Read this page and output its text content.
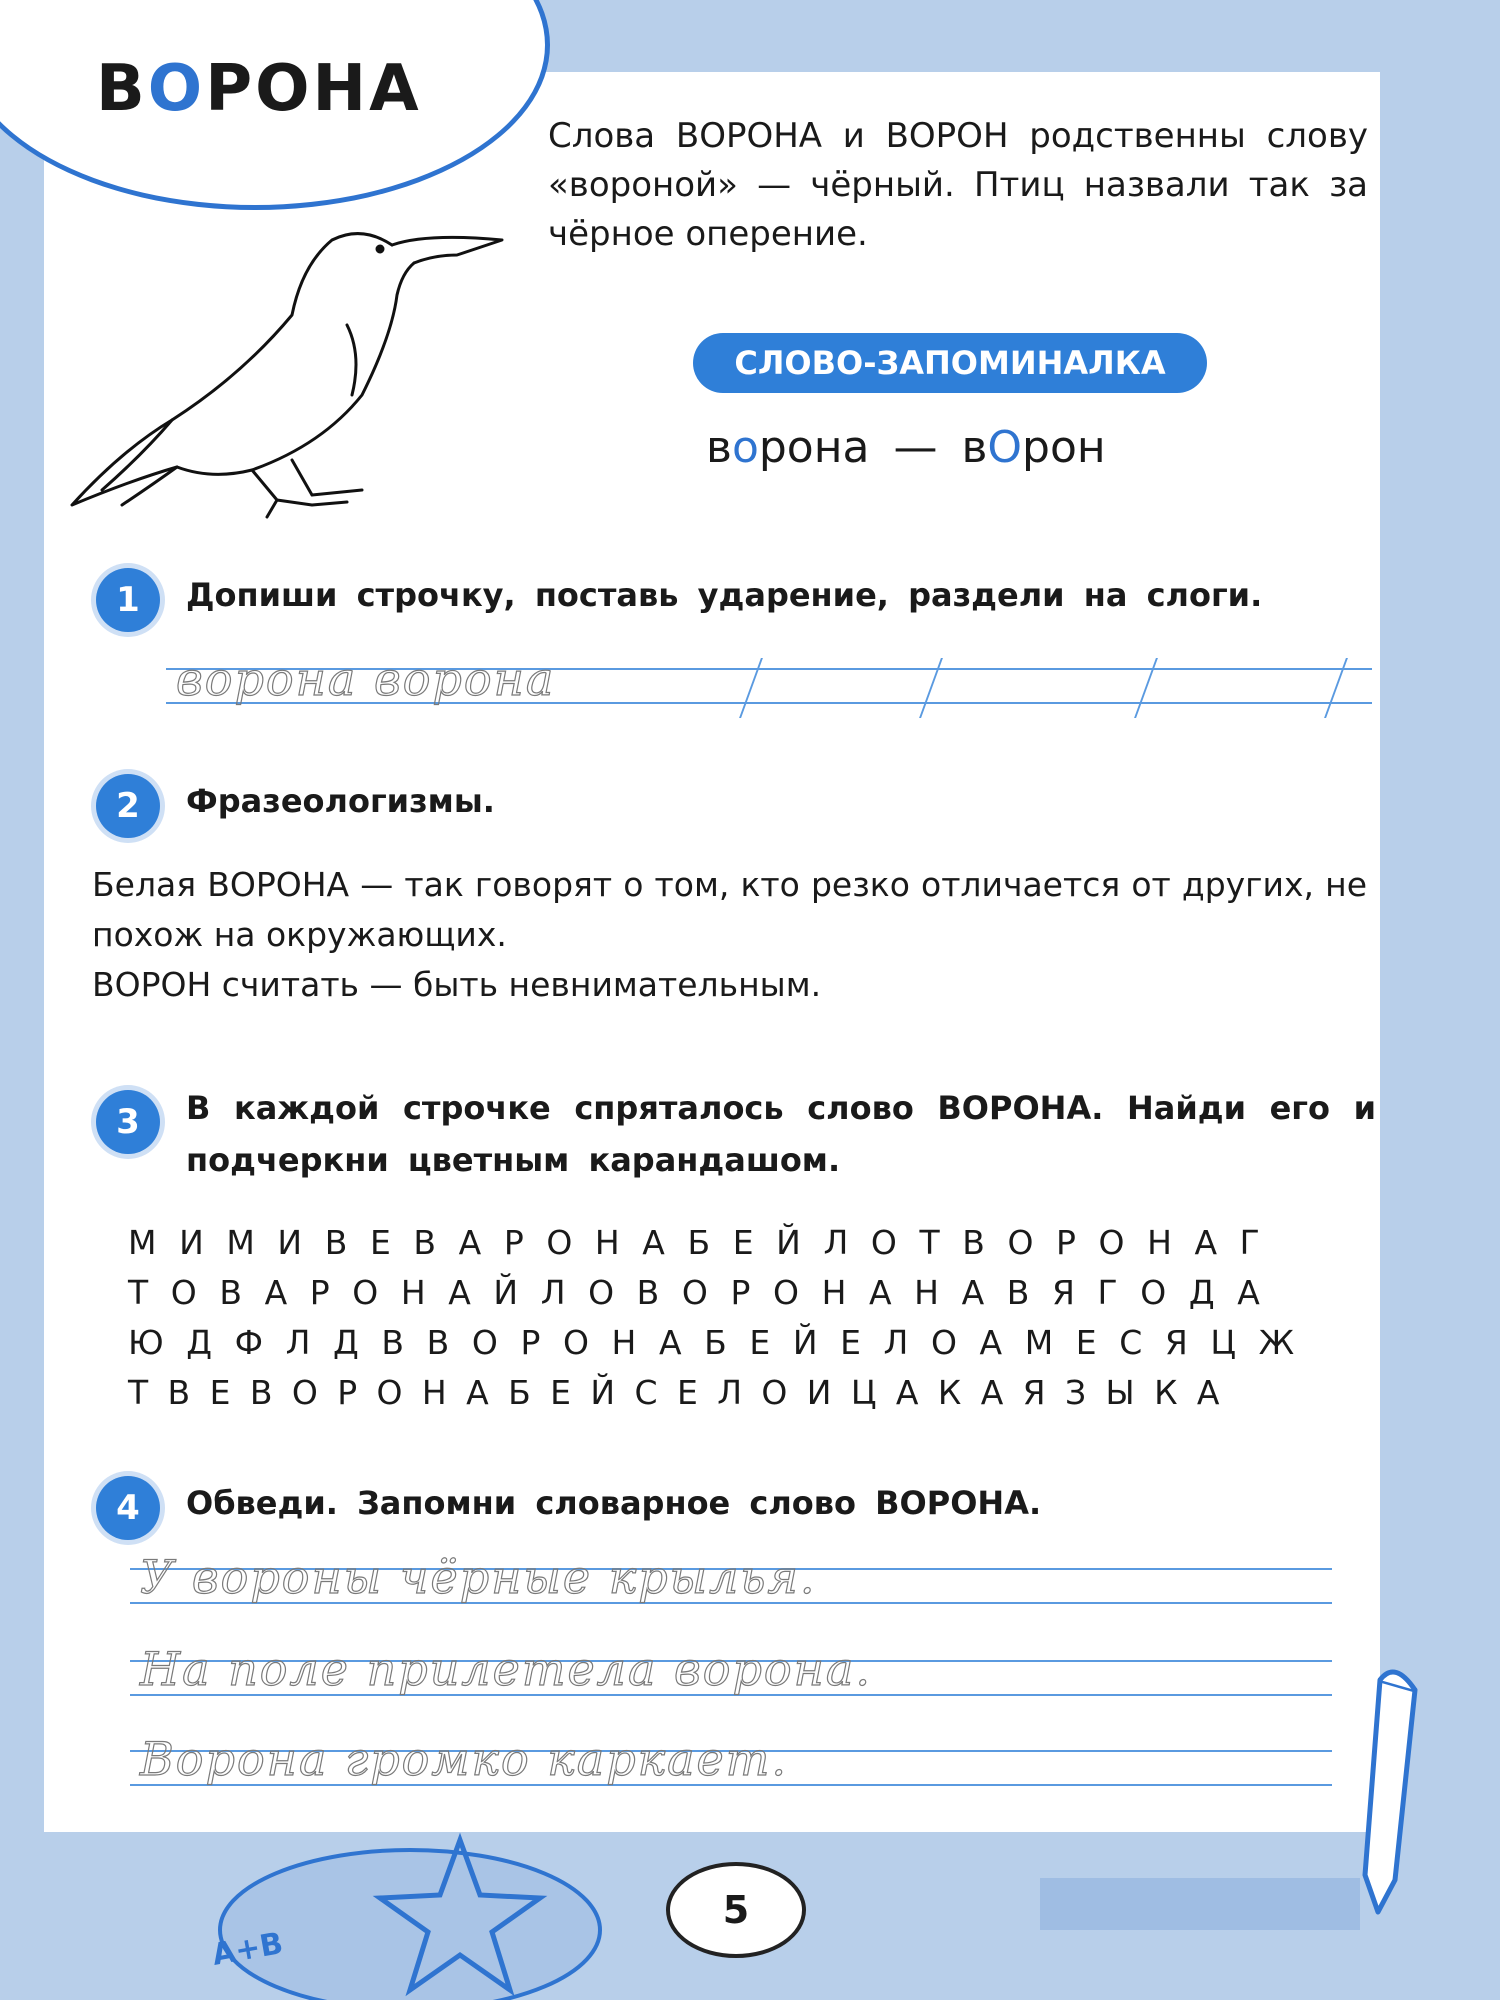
ВОРОНА
Слова ВОРОНА и ВОРОН родственны слову «вороной» — чёрный. Птиц назвали так за чёрное оперение.
СЛОВО-ЗАПОМИНАЛКА
ворона — вОрон
1	Допиши строчку, поставь ударение, раздели на слоги.
ворона ворона
2	Фразеологизмы.
Белая ВОРОНА — так говорят о том, кто резко отличается от других, не похож на окружающих.
ВОРОН считать — быть невнимательным.
3	В каждой строчке спряталось слово ВОРОНА. Найди его и подчеркни цветным карандашом.
МИМИВЕВАРОНАБЕЙЛОТВОРОНАГ
ТОВАРОНАЙЛОВОРОНАНАВЯГОДА
ЮДФЛДВВОРОНАБЕЙЕЛОАМЕСЯЦЖ
ТВЕВОРОНАБЕЙСЕЛОИЦАКАЯЗЫКА
4	Обведи. Запомни словарное слово ВОРОНА.
У вороны чёрные крылья.
На поле прилетела ворона.
Ворона громко каркает.
A+B
5
